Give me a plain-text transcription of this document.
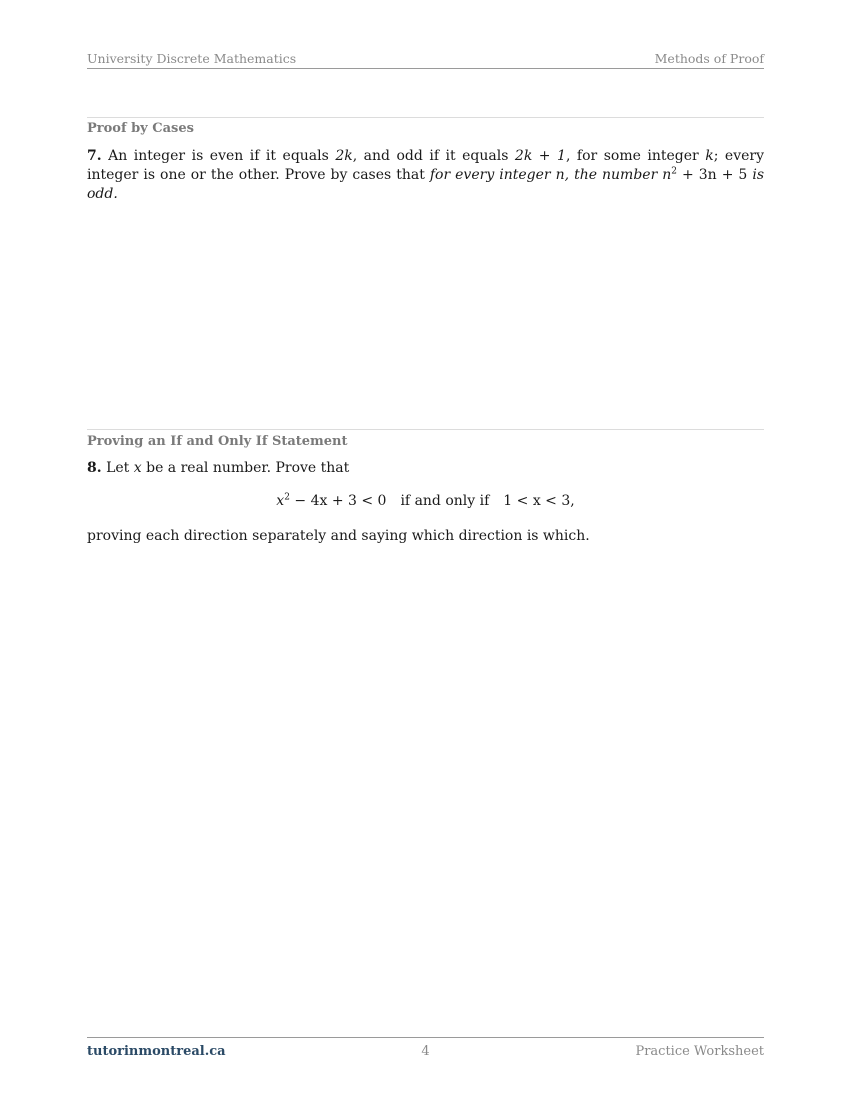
University Discrete Mathematics	Methods of Proof
Proof by Cases
7. An integer is even if it equals 2k, and odd if it equals 2k + 1, for some integer k; every integer is one or the other. Prove by cases that for every integer n, the number $n^2 + 3n + 5$ is odd.
Proving an If and Only If Statement
8. Let x be a real number. Prove that
$x^2 - 4x + 3 < 0$ if and only if 1 < x < 3,
proving each direction separately and saying which direction is which.
tutorinmontreal.ca	4	Practice Worksheet
